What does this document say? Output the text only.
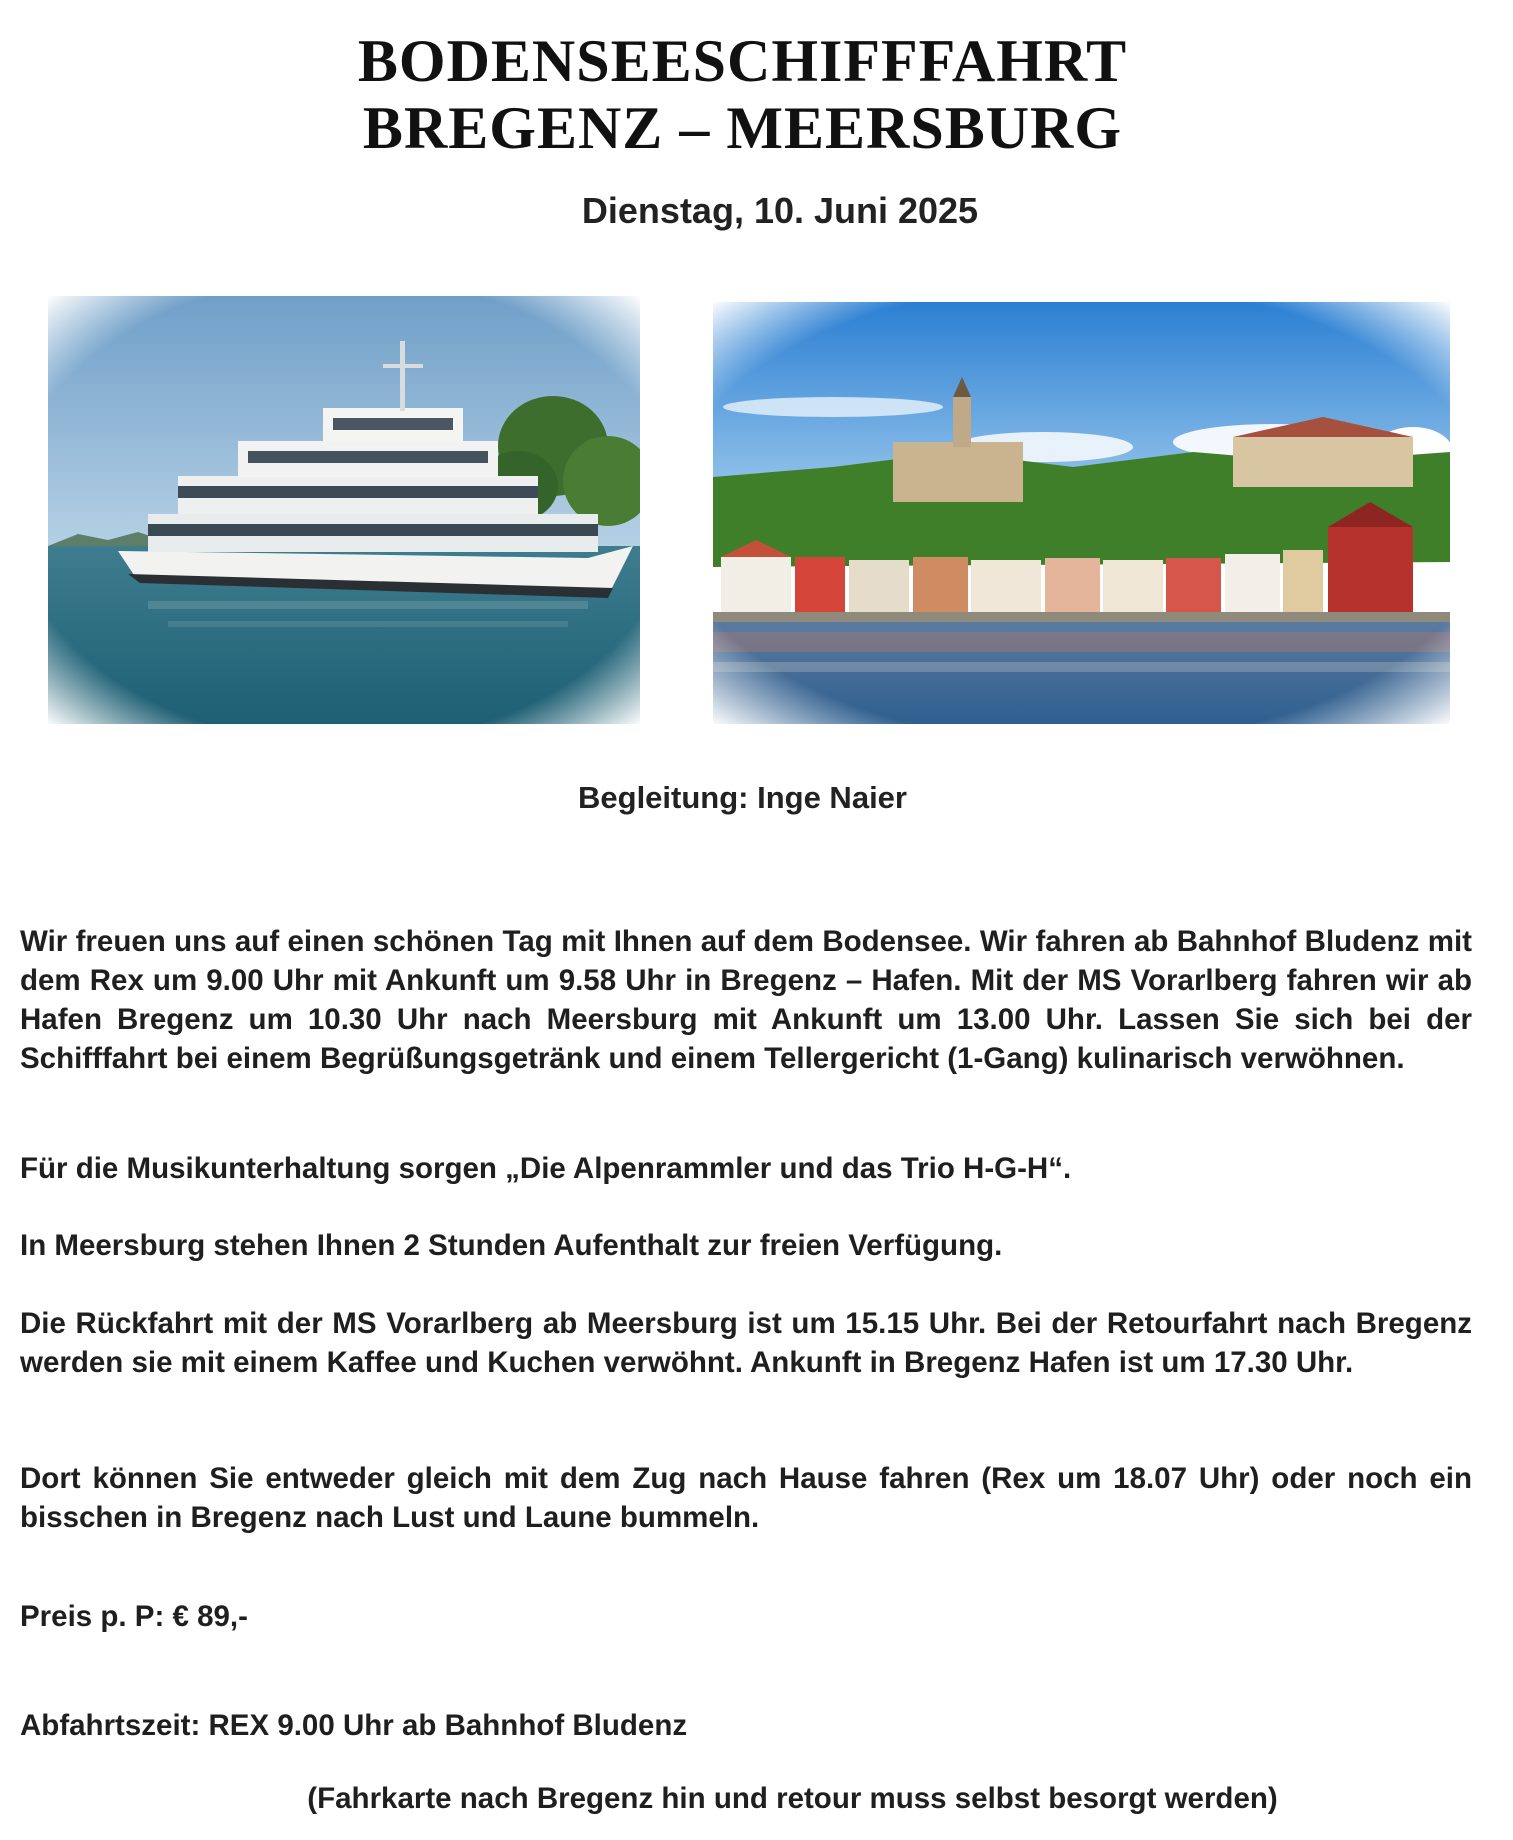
BODENSEESCHIFFFAHRT
BREGENZ – MEERSBURG
Dienstag, 10. Juni 2025
Begleitung: Inge Naier

Wir freuen uns auf einen schönen Tag mit Ihnen auf dem Bodensee. Wir fahren ab Bahnhof Bludenz mit dem Rex um 9.00 Uhr mit Ankunft um 9.58 Uhr in Bregenz – Hafen. Mit der MS Vorarlberg fahren wir ab Hafen Bregenz um 10.30 Uhr nach Meersburg mit Ankunft um 13.00 Uhr. Lassen Sie sich bei der Schifffahrt bei einem Begrüßungsgetränk und einem Tellergericht (1-Gang) kulinarisch verwöhnen.

Für die Musikunterhaltung sorgen „Die Alpenrammler und das Trio H-G-H“.

In Meersburg stehen Ihnen 2 Stunden Aufenthalt zur freien Verfügung.

Die Rückfahrt mit der MS Vorarlberg ab Meersburg ist um 15.15 Uhr. Bei der Retourfahrt nach Bregenz werden sie mit einem Kaffee und Kuchen verwöhnt. Ankunft in Bregenz Hafen ist um 17.30 Uhr.

Dort können Sie entweder gleich mit dem Zug nach Hause fahren (Rex um 18.07 Uhr) oder noch ein bisschen in Bregenz nach Lust und Laune bummeln.

Preis p. P: € 89,-

Abfahrtszeit: REX 9.00 Uhr ab Bahnhof Bludenz

(Fahrkarte nach Bregenz hin und retour muss selbst besorgt werden)
